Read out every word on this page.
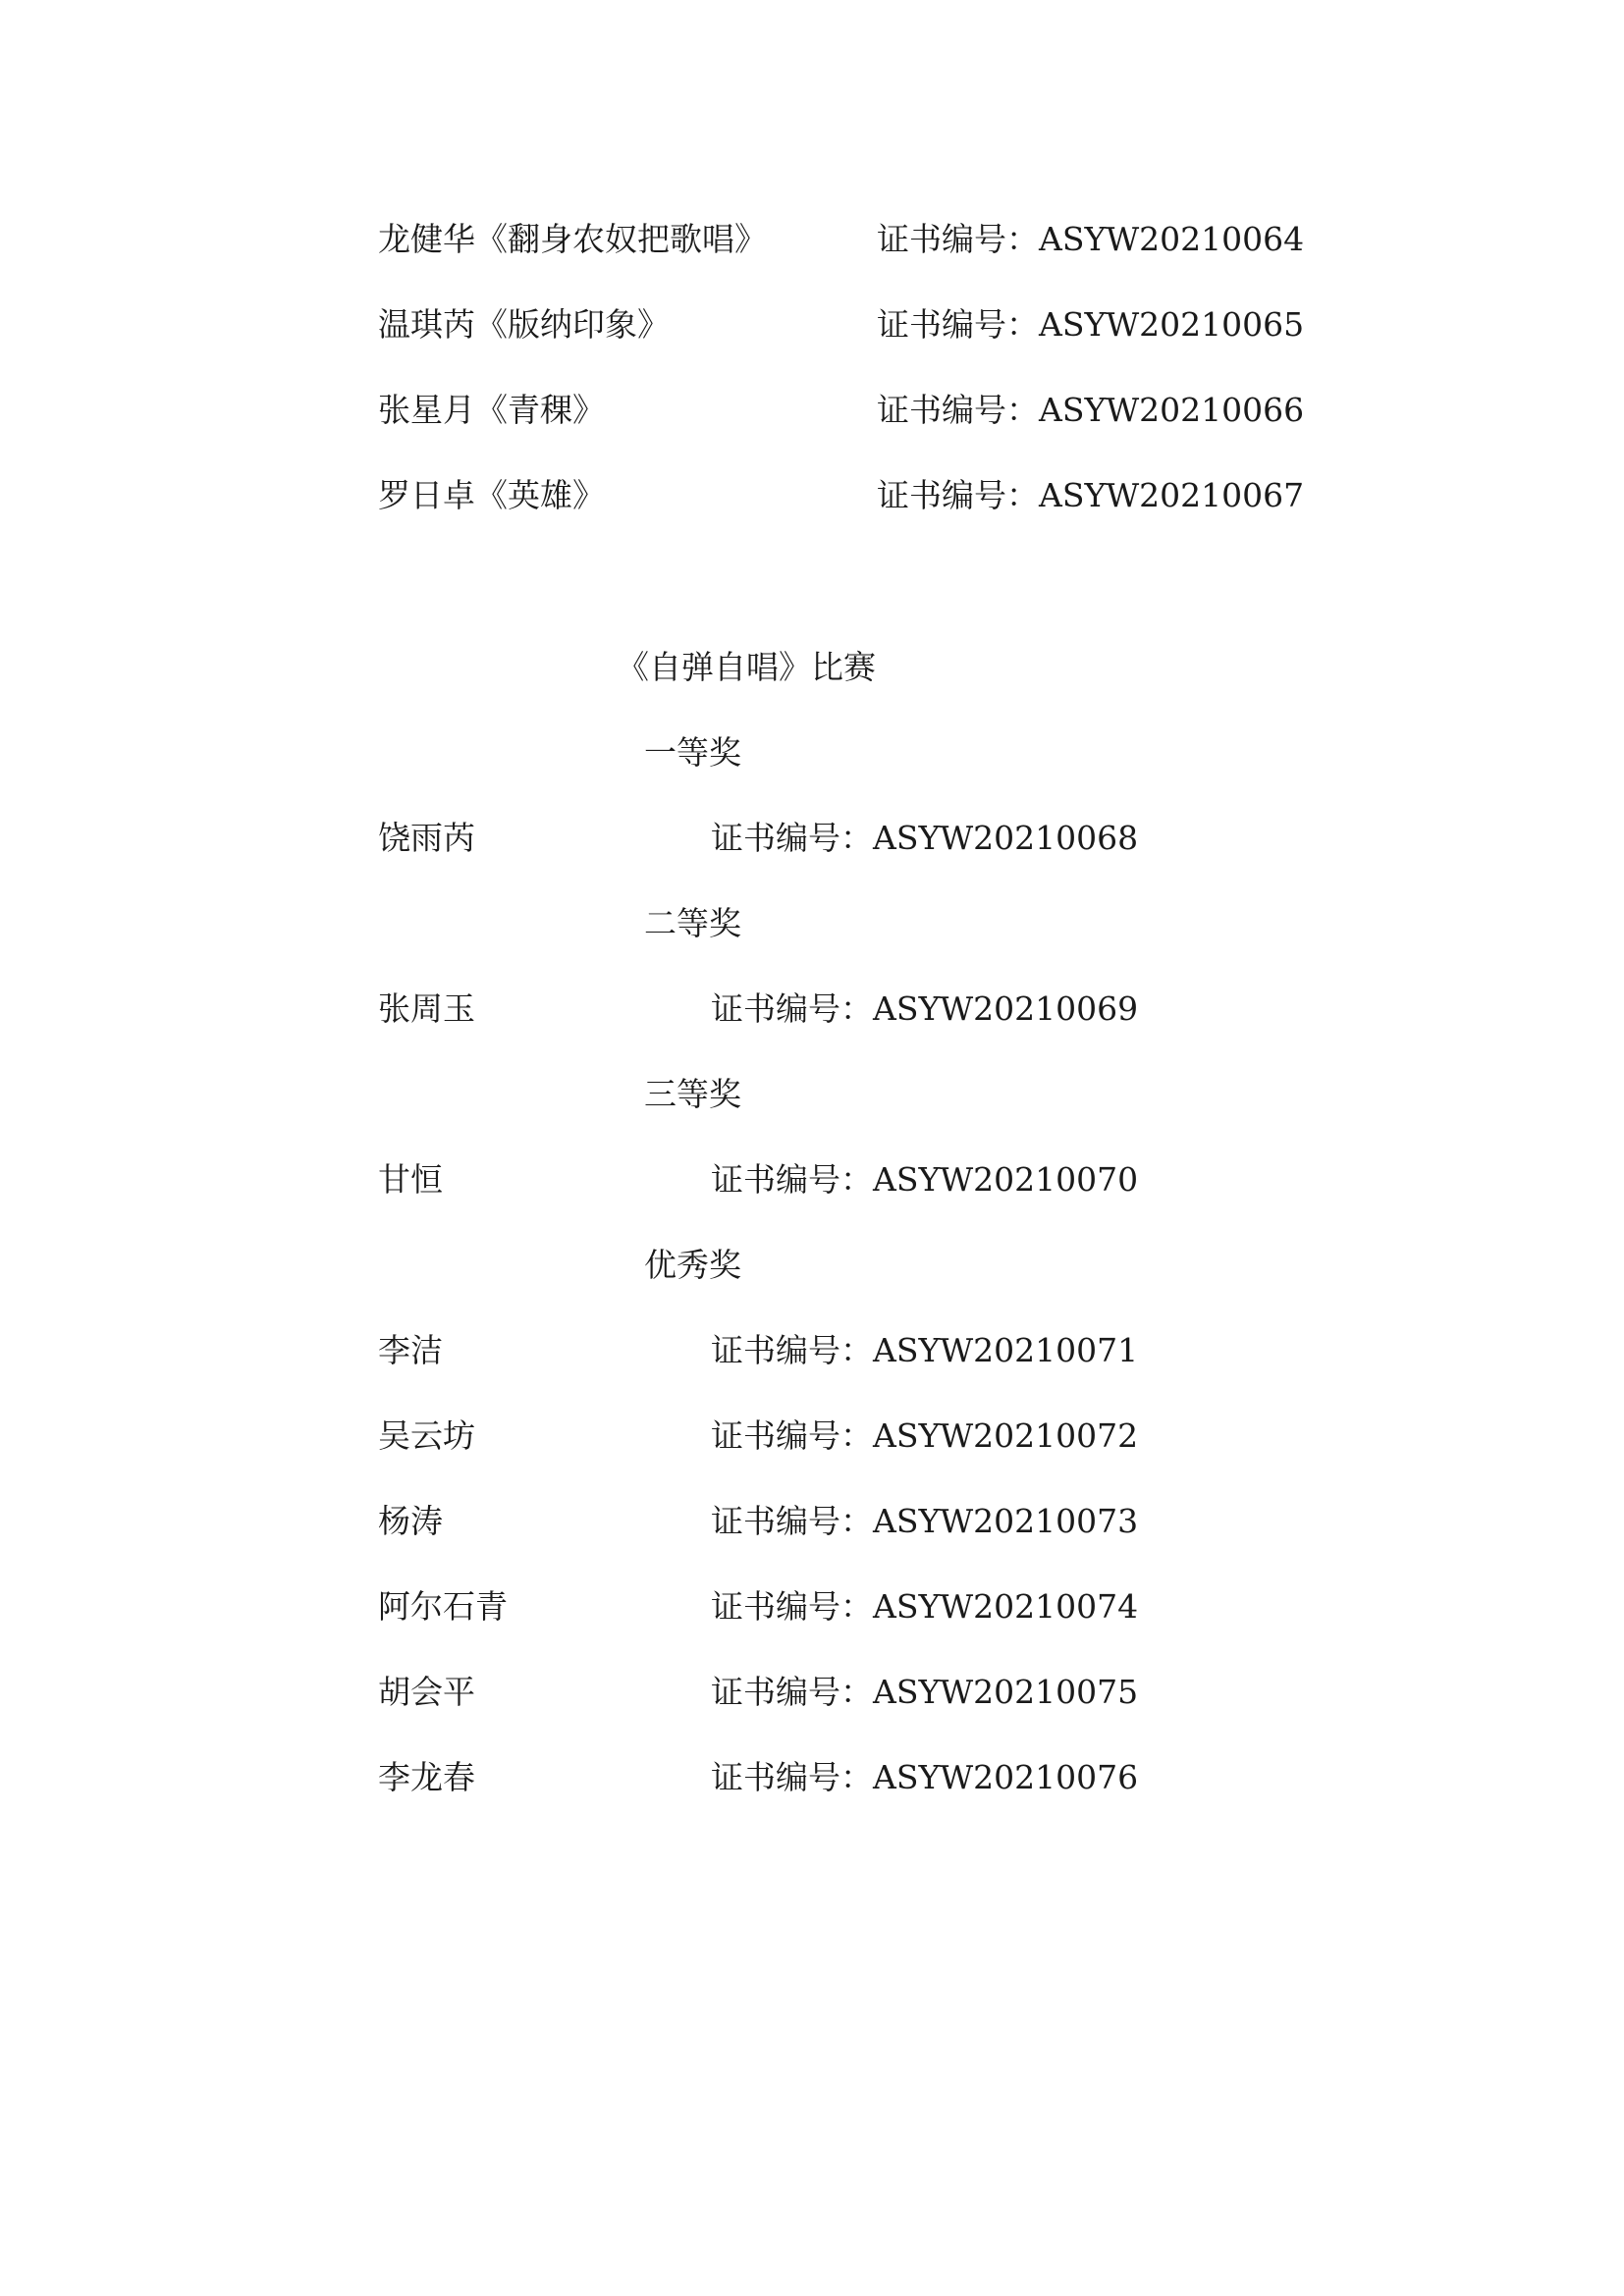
龙健华《翻身农奴把歌唱》	证书编号：ASYW20210064
温琪芮《版纳印象》	证书编号：ASYW20210065
张星月《青稞》	证书编号：ASYW20210066
罗日卓《英雄》	证书编号：ASYW20210067
《自弹自唱》比赛
一等奖
饶雨芮	证书编号：ASYW20210068
二等奖
张周玉	证书编号：ASYW20210069
三等奖
甘恒	证书编号：ASYW20210070
优秀奖
李洁	证书编号：ASYW20210071
吴云坊	证书编号：ASYW20210072
杨涛	证书编号：ASYW20210073
阿尔石青	证书编号：ASYW20210074
胡会平	证书编号：ASYW20210075
李龙春	证书编号：ASYW20210076
